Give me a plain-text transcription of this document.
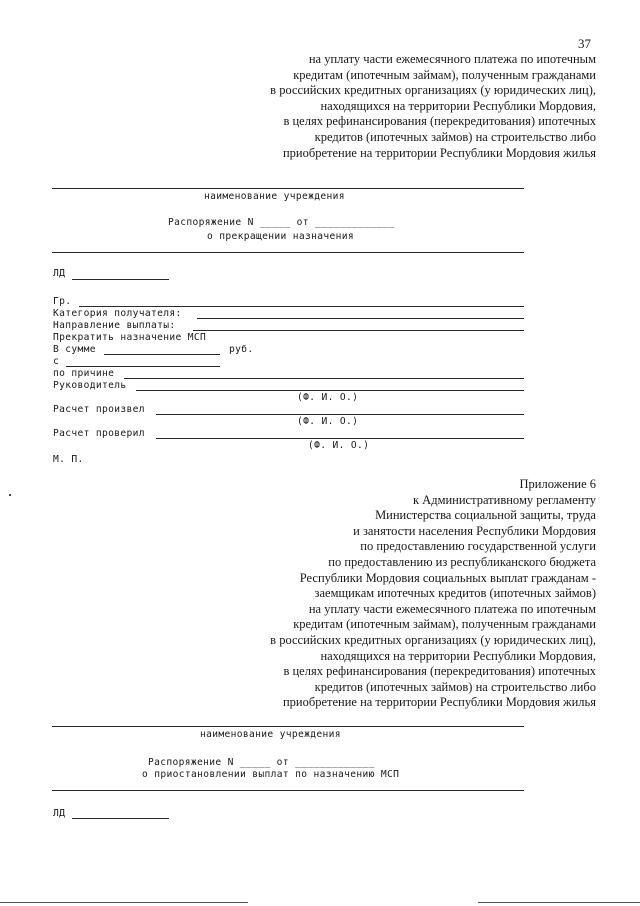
37
на уплату части ежемесячного платежа по ипотечным
кредитам (ипотечным займам), полученным гражданами
в российских кредитных организациях (у юридических лиц),
находящихся на территории Республики Мордовия,
в целях рефинансирования (перекредитования) ипотечных
кредитов (ипотечных займов) на строительство либо
приобретение на территории Республики Мордовия жилья
наименование учреждения
Распоряжение N _____ от _____________
о прекращении назначения
ЛД
Гр.
Категория получателя:
Направление выплаты:
Прекратить назначение МСП
В сумме	руб.
с
по причине
Руководитель
(Ф. И. О.)
Расчет произвел
(Ф. И. О.)
Расчет проверил
(Ф. И. О.)
М. П.
Приложение 6
к Административному регламенту
Министерства социальной защиты, труда
и занятости населения Республики Мордовия
по предоставлению государственной услуги
по предоставлению из республиканского бюджета
Республики Мордовия социальных выплат гражданам -
заемщикам ипотечных кредитов (ипотечных займов)
на уплату части ежемесячного платежа по ипотечным
кредитам (ипотечным займам), полученным гражданами
в российских кредитных организациях (у юридических лиц),
находящихся на территории Республики Мордовия,
в целях рефинансирования (перекредитования) ипотечных
кредитов (ипотечных займов) на строительство либо
приобретение на территории Республики Мордовия жилья
наименование учреждения
Распоряжение N _____ от _____________
о приостановлении выплат по назначению МСП
ЛД
